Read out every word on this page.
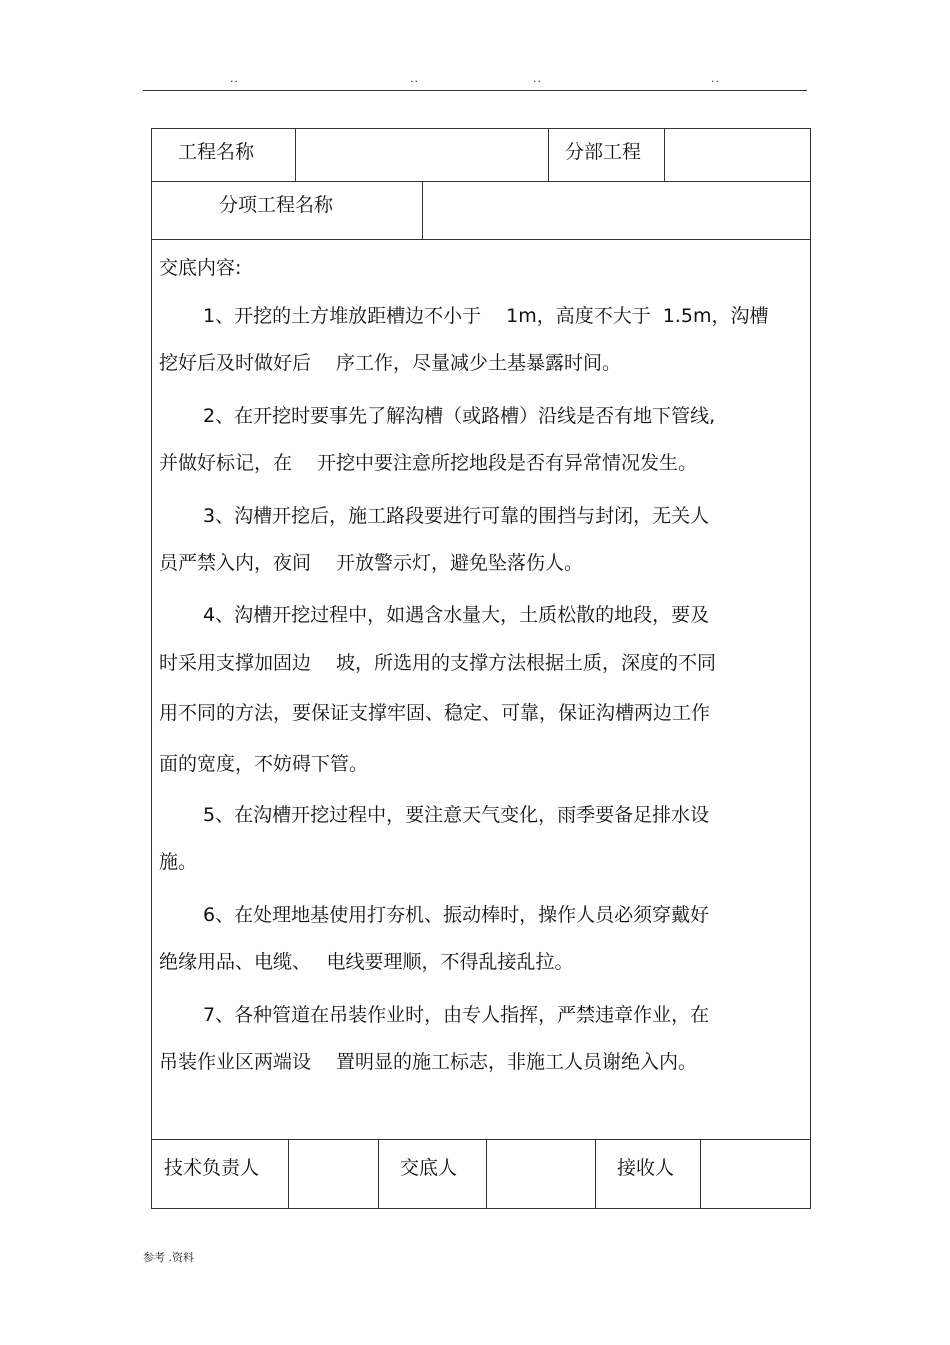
..	..	..	..
工程名称	分部工程
分项工程名称
交底内容:
1、开挖的土方堆放距槽边不小于　 1m，高度不大于  1.5m，沟槽
挖好后及时做好后　 序工作，尽量减少土基暴露时间。
2、在开挖时要事先了解沟槽（或路槽）沿线是否有地下管线,
并做好标记，在　 开挖中要注意所挖地段是否有异常情况发生。
3、沟槽开挖后，施工路段要进行可靠的围挡与封闭，无关人
员严禁入内，夜间　 开放警示灯，避免坠落伤人。
4、沟槽开挖过程中，如遇含水量大，土质松散的地段，要及
时采用支撑加固边　 坡，所选用的支撑方法根据土质，深度的不同
用不同的方法，要保证支撑牢固、稳定、可靠，保证沟槽两边工作
面的宽度，不妨碍下管。
5、在沟槽开挖过程中，要注意天气变化，雨季要备足排水设
施。
6、在处理地基使用打夯机、振动棒时，操作人员必须穿戴好
绝缘用品、电缆、　 电线要理顺，不得乱接乱拉。
7、各种管道在吊装作业时，由专人指挥，严禁违章作业，在
吊装作业区两端设　 置明显的施工标志，非施工人员谢绝入内。
技术负责人	交底人	接收人
参考 .资料
